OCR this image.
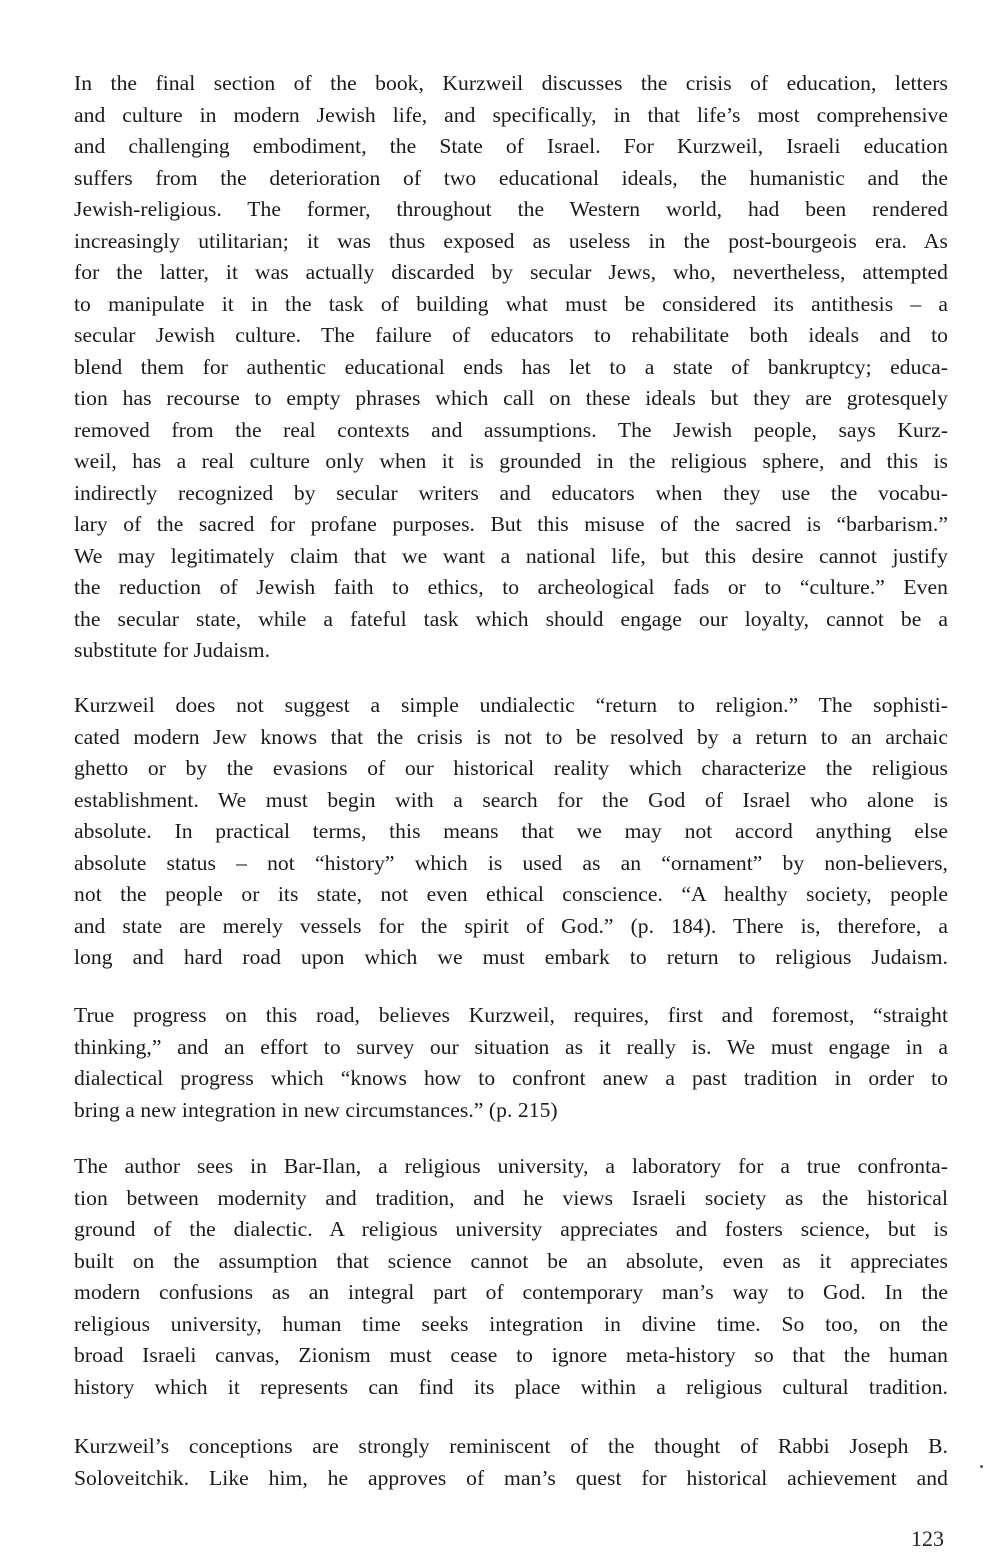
In the final section of the book, Kurzweil discusses the crisis of education, letters
and culture in modern Jewish life, and specifically, in that life’s most comprehensive
and challenging embodiment, the State of Israel. For Kurzweil, Israeli education
suffers from the deterioration of two educational ideals, the humanistic and the
Jewish-religious. The former, throughout the Western world, had been rendered
increasingly utilitarian; it was thus exposed as useless in the post-bourgeois era. As
for the latter, it was actually discarded by secular Jews, who, nevertheless, attempted
to manipulate it in the task of building what must be considered its antithesis – a
secular Jewish culture. The failure of educators to rehabilitate both ideals and to
blend them for authentic educational ends has let to a state of bankruptcy; educa-
tion has recourse to empty phrases which call on these ideals but they are grotesquely
removed from the real contexts and assumptions. The Jewish people, says Kurz-
weil, has a real culture only when it is grounded in the religious sphere, and this is
indirectly recognized by secular writers and educators when they use the vocabu-
lary of the sacred for profane purposes. But this misuse of the sacred is “barbarism.”
We may legitimately claim that we want a national life, but this desire cannot justify
the reduction of Jewish faith to ethics, to archeological fads or to “culture.” Even
the secular state, while a fateful task which should engage our loyalty, cannot be a
substitute for Judaism.
Kurzweil does not suggest a simple undialectic “return to religion.” The sophisti-
cated modern Jew knows that the crisis is not to be resolved by a return to an archaic
ghetto or by the evasions of our historical reality which characterize the religious
establishment. We must begin with a search for the God of Israel who alone is
absolute. In practical terms, this means that we may not accord anything else
absolute status – not “history” which is used as an “ornament” by non-believers,
not the people or its state, not even ethical conscience. “A healthy society, people
and state are merely vessels for the spirit of God.” (p. 184). There is, therefore, a
long and hard road upon which we must embark to return to religious Judaism.
True progress on this road, believes Kurzweil, requires, first and foremost, “straight
thinking,” and an effort to survey our situation as it really is. We must engage in a
dialectical progress which “knows how to confront anew a past tradition in order to
bring a new integration in new circumstances.” (p. 215)
The author sees in Bar-Ilan, a religious university, a laboratory for a true confronta-
tion between modernity and tradition, and he views Israeli society as the historical
ground of the dialectic. A religious university appreciates and fosters science, but is
built on the assumption that science cannot be an absolute, even as it appreciates
modern confusions as an integral part of contemporary man’s way to God. In the
religious university, human time seeks integration in divine time. So too, on the
broad Israeli canvas, Zionism must cease to ignore meta-history so that the human
history which it represents can find its place within a religious cultural tradition.
Kurzweil’s conceptions are strongly reminiscent of the thought of Rabbi Joseph B.
Soloveitchik. Like him, he approves of man’s quest for historical achievement and
123
